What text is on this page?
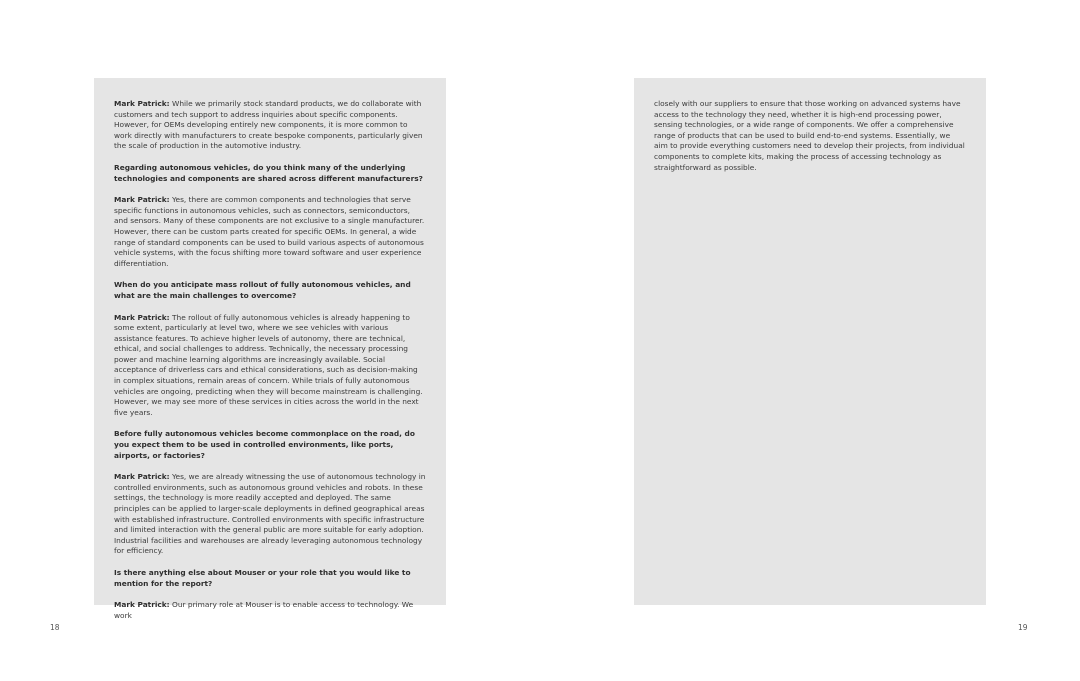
Mark Patrick: While we primarily stock standard products, we do collaborate with customers and tech support to address inquiries about specific components. However, for OEMs developing entirely new components, it is more common to work directly with manufacturers to create bespoke components, particularly given the scale of production in the automotive industry.

Regarding autonomous vehicles, do you think many of the underlying technologies and components are shared across different manufacturers?

Mark Patrick: Yes, there are common components and technologies that serve specific functions in autonomous vehicles, such as connectors, semiconductors, and sensors. Many of these components are not exclusive to a single manufacturer. However, there can be custom parts created for specific OEMs. In general, a wide range of standard components can be used to build various aspects of autonomous vehicle systems, with the focus shifting more toward software and user experience differentiation.

When do you anticipate mass rollout of fully autonomous vehicles, and what are the main challenges to overcome?

Mark Patrick: The rollout of fully autonomous vehicles is already happening to some extent, particularly at level two, where we see vehicles with various assistance features. To achieve higher levels of autonomy, there are technical, ethical, and social challenges to address. Technically, the necessary processing power and machine learning algorithms are increasingly available. Social acceptance of driverless cars and ethical considerations, such as decision-making in complex situations, remain areas of concern. While trials of fully autonomous vehicles are ongoing, predicting when they will become mainstream is challenging. However, we may see more of these services in cities across the world in the next five years.

Before fully autonomous vehicles become commonplace on the road, do you expect them to be used in controlled environments, like ports, airports, or factories?

Mark Patrick: Yes, we are already witnessing the use of autonomous technology in controlled environments, such as autonomous ground vehicles and robots. In these settings, the technology is more readily accepted and deployed. The same principles can be applied to larger-scale deployments in defined geographical areas with established infrastructure. Controlled environments with specific infrastructure and limited interaction with the general public are more suitable for early adoption. Industrial facilities and warehouses are already leveraging autonomous technology for efficiency.

Is there anything else about Mouser or your role that you would like to mention for the report?

Mark Patrick: Our primary role at Mouser is to enable access to technology. We work

closely with our suppliers to ensure that those working on advanced systems have access to the technology they need, whether it is high-end processing power, sensing technologies, or a wide range of components. We offer a comprehensive range of products that can be used to build end-to-end systems. Essentially, we aim to provide everything customers need to develop their projects, from individual components to complete kits, making the process of accessing technology as straightforward as possible.

18	19
